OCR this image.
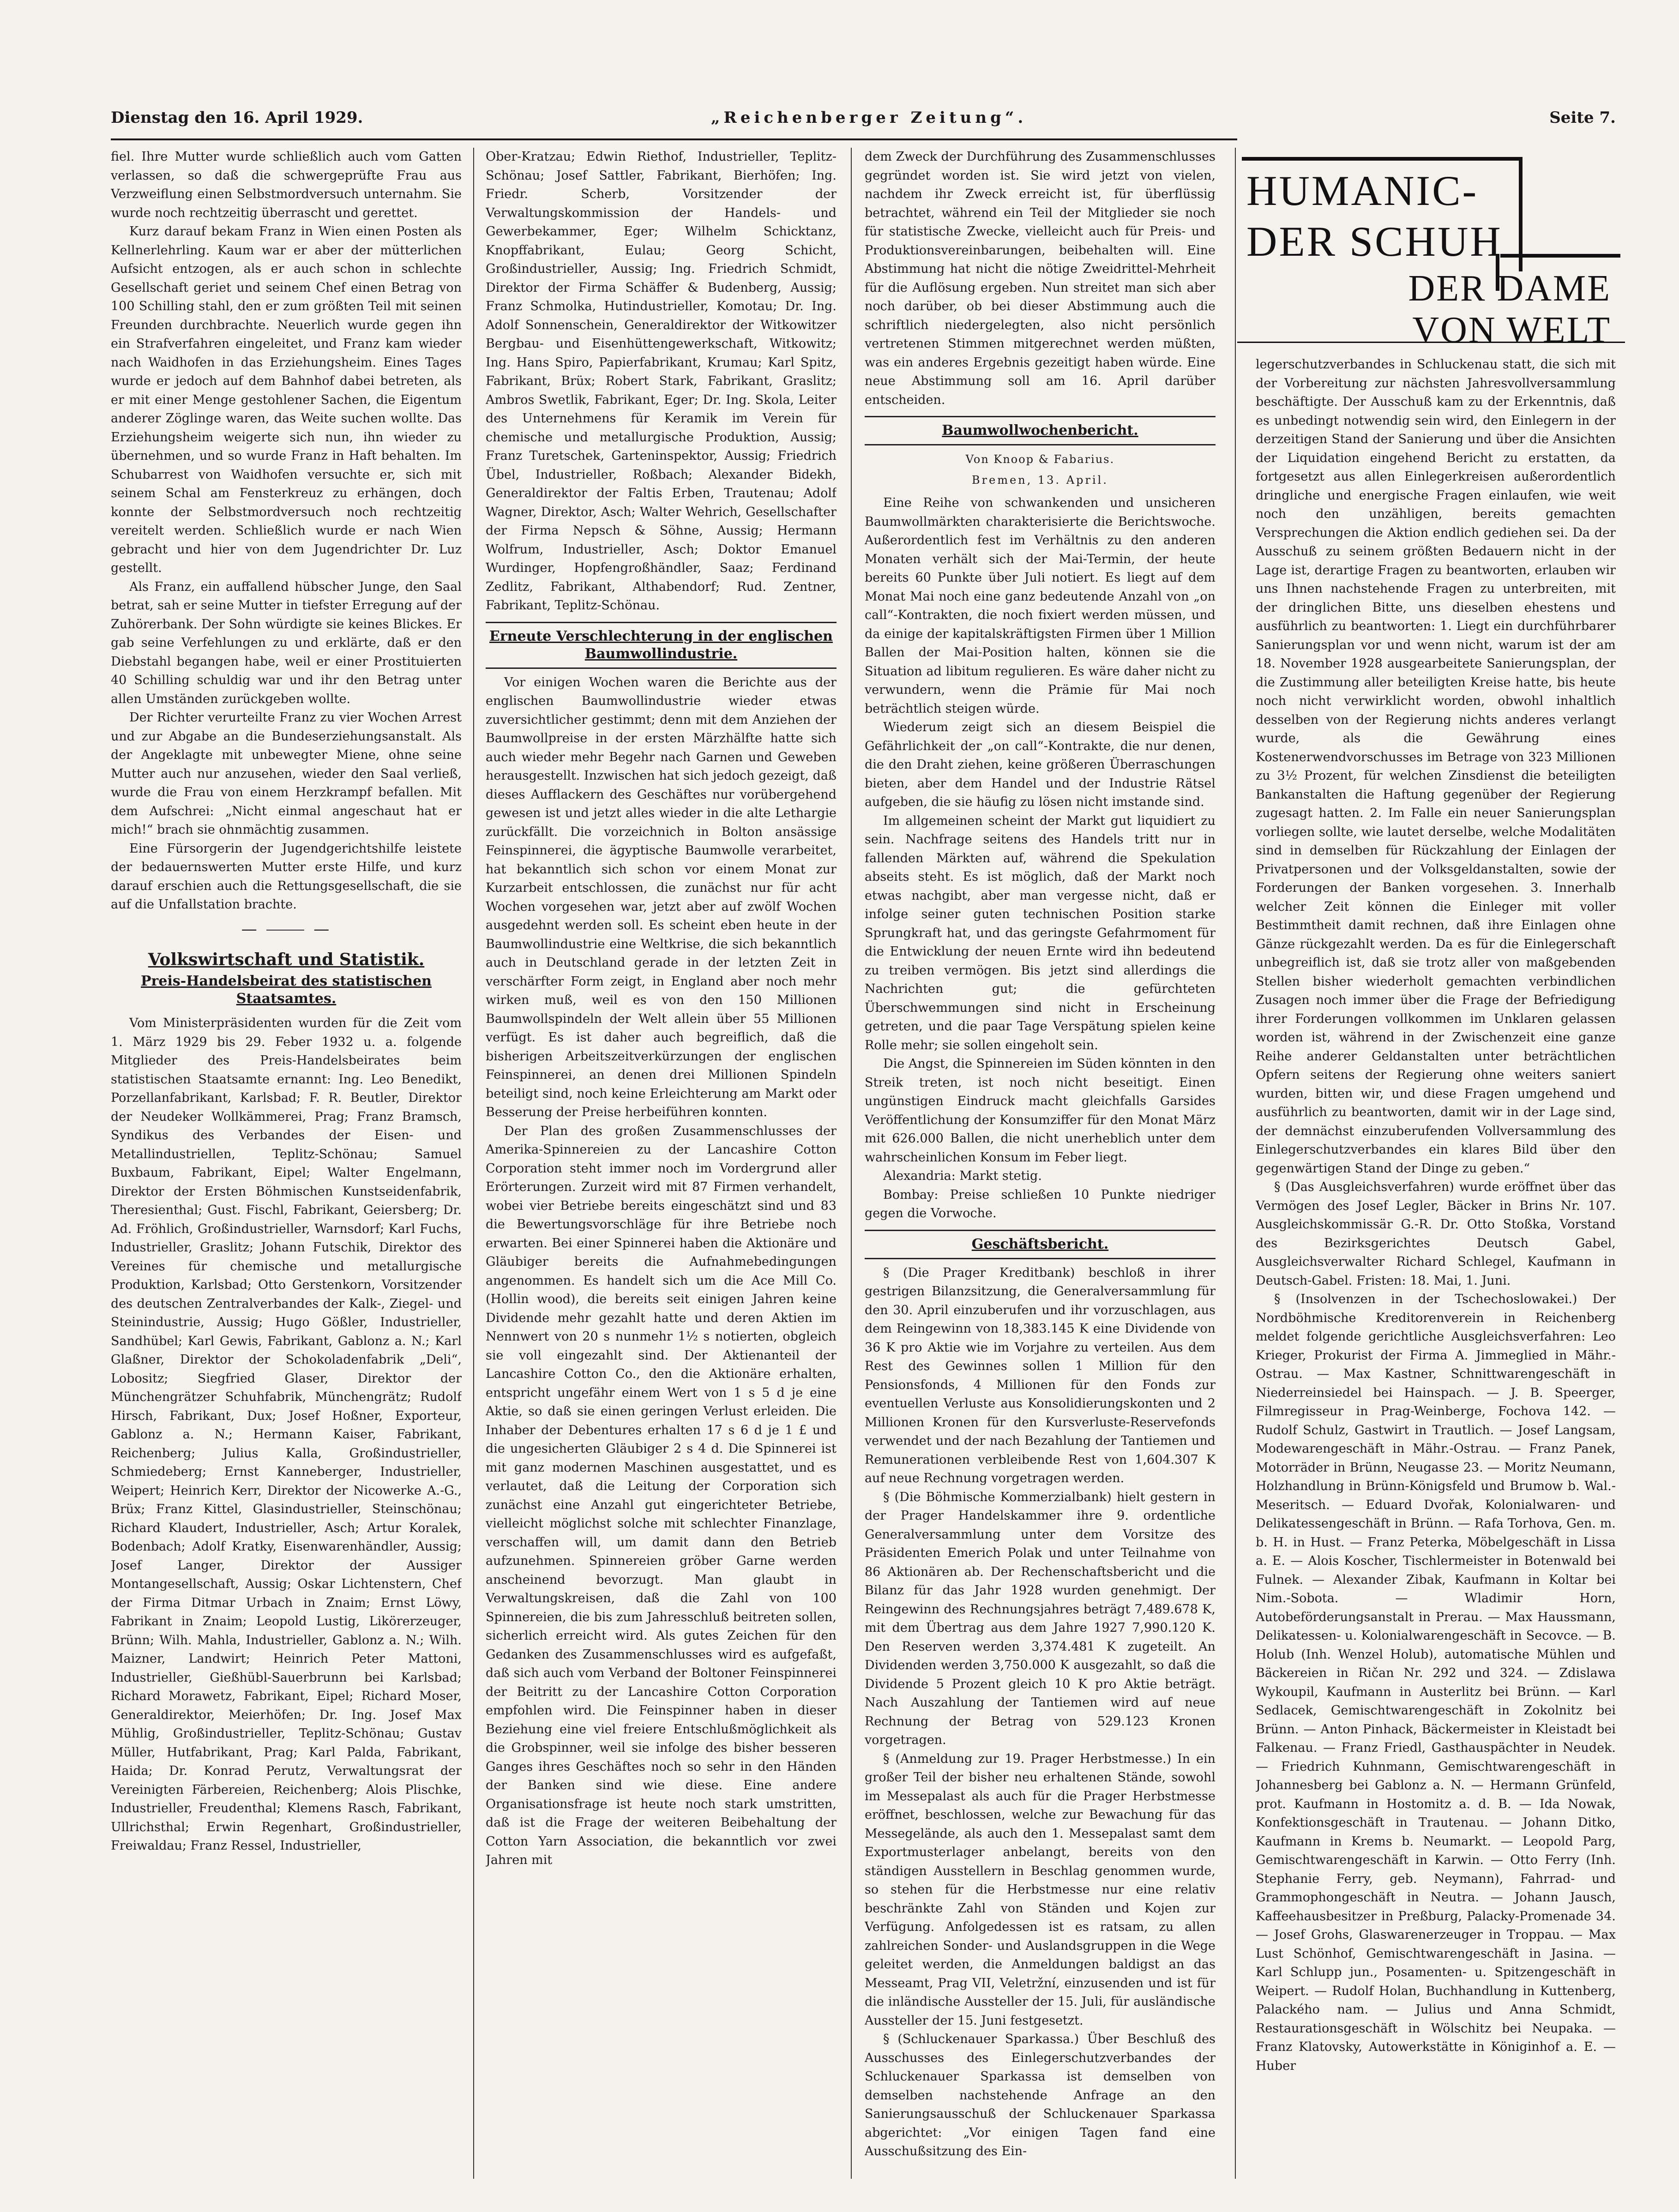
Dienstag den 16. April 1929.	„Reichenberger Zeitung“.	Seite 7.

fiel. Ihre Mutter wurde schließlich auch vom Gatten verlassen, so daß die schwergeprüfte Frau aus Verzweiflung einen Selbstmordversuch unternahm. Sie wurde noch rechtzeitig überrascht und gerettet.

Kurz darauf bekam Franz in Wien einen Posten als Kellnerlehrling. Kaum war er aber der mütterlichen Aufsicht entzogen, als er auch schon in schlechte Gesellschaft geriet und seinem Chef einen Betrag von 100 Schilling stahl, den er zum größten Teil mit seinen Freunden durchbrachte. Neuerlich wurde gegen ihn ein Strafverfahren eingeleitet, und Franz kam wieder nach Waidhofen in das Erziehungsheim. Eines Tages wurde er jedoch auf dem Bahnhof dabei betreten, als er mit einer Menge gestohlener Sachen, die Eigentum anderer Zöglinge waren, das Weite suchen wollte. Das Erziehungsheim weigerte sich nun, ihn wieder zu übernehmen, und so wurde Franz in Haft behalten. Im Schubarrest von Waidhofen versuchte er, sich mit seinem Schal am Fensterkreuz zu erhängen, doch konnte der Selbstmordversuch noch rechtzeitig vereitelt werden. Schließlich wurde er nach Wien gebracht und hier von dem Jugendrichter Dr. Luz gestellt.

Als Franz, ein auffallend hübscher Junge, den Saal betrat, sah er seine Mutter in tiefster Erregung auf der Zuhörerbank. Der Sohn würdigte sie keines Blickes. Er gab seine Verfehlungen zu und erklärte, daß er den Diebstahl begangen habe, weil er einer Prostituierten 40 Schilling schuldig war und ihr den Betrag unter allen Umständen zurückgeben wollte.

Der Richter verurteilte Franz zu vier Wochen Arrest und zur Abgabe an die Bundeserziehungsanstalt. Als der Angeklagte mit unbewegter Miene, ohne seine Mutter auch nur anzusehen, wieder den Saal verließ, wurde die Frau von einem Herzkrampf befallen. Mit dem Aufschrei: „Nicht einmal angeschaut hat er mich!“ brach sie ohnmächtig zusammen.

Eine Fürsorgerin der Jugendgerichtshilfe leistete der bedauernswerten Mutter erste Hilfe, und kurz darauf erschien auch die Rettungsgesellschaft, die sie auf die Unfallstation brachte.

— ⸻ —
Volkswirtschaft und Statistik.
Preis-Handelsbeirat des statistischen Staatsamtes.

Vom Ministerpräsidenten wurden für die Zeit vom 1. März 1929 bis 29. Feber 1932 u. a. folgende Mitglieder des Preis-Handelsbeirates beim statistischen Staatsamte ernannt: Ing. Leo Benedikt, Porzellanfabrikant, Karlsbad; F. R. Beutler, Direktor der Neudeker Wollkämmerei, Prag; Franz Bramsch, Syndikus des Verbandes der Eisen- und Metallindustriellen, Teplitz-Schönau; Samuel Buxbaum, Fabrikant, Eipel; Walter Engelmann, Direktor der Ersten Böhmischen Kunstseidenfabrik, Theresienthal; Gust. Fischl, Fabrikant, Geiersberg; Dr. Ad. Fröhlich, Großindustrieller, Warnsdorf; Karl Fuchs, Industrieller, Graslitz; Johann Futschik, Direktor des Vereines für chemische und metallurgische Produktion, Karlsbad; Otto Gerstenkorn, Vorsitzender des deutschen Zentralverbandes der Kalk-, Ziegel- und Steinindustrie, Aussig; Hugo Gößler, Industrieller, Sandhübel; Karl Gewis, Fabrikant, Gablonz a. N.; Karl Glaßner, Direktor der Schokoladenfabrik „Deli“, Lobositz; Siegfried Glaser, Direktor der Münchengrätzer Schuhfabrik, Münchengrätz; Rudolf Hirsch, Fabrikant, Dux; Josef Hoßner, Exporteur, Gablonz a. N.; Hermann Kaiser, Fabrikant, Reichenberg; Julius Kalla, Großindustrieller, Schmiedeberg; Ernst Kanneberger, Industrieller, Weipert; Heinrich Kerr, Direktor der Nicowerke A.-G., Brüx; Franz Kittel, Glasindustrieller, Steinschönau; Richard Klaudert, Industrieller, Asch; Artur Koralek, Bodenbach; Adolf Kratky, Eisenwarenhändler, Aussig; Josef Langer, Direktor der Aussiger Montangesellschaft, Aussig; Oskar Lichtenstern, Chef der Firma Ditmar Urbach in Znaim; Ernst Löwy, Fabrikant in Znaim; Leopold Lustig, Likörerzeuger, Brünn; Wilh. Mahla, Industrieller, Gablonz a. N.; Wilh. Maizner, Landwirt; Heinrich Peter Mattoni, Industrieller, Gießhübl-Sauerbrunn bei Karlsbad; Richard Morawetz, Fabrikant, Eipel; Richard Moser, Generaldirektor, Meierhöfen; Dr. Ing. Josef Max Mühlig, Großindustrieller, Teplitz-Schönau; Gustav Müller, Hutfabrikant, Prag; Karl Palda, Fabrikant, Haida; Dr. Konrad Perutz, Verwaltungsrat der Vereinigten Färbereien, Reichenberg; Alois Plischke, Industrieller, Freudenthal; Klemens Rasch, Fabrikant, Ullrichsthal; Erwin Regenhart, Großindustrieller, Freiwaldau; Franz Ressel, Industrieller,

Ober-Kratzau; Edwin Riethof, Industrieller, Teplitz-Schönau; Josef Sattler, Fabrikant, Bierhöfen; Ing. Friedr. Scherb, Vorsitzender der Verwaltungskommission der Handels- und Gewerbekammer, Eger; Wilhelm Schicktanz, Knopffabrikant, Eulau; Georg Schicht, Großindustrieller, Aussig; Ing. Friedrich Schmidt, Direktor der Firma Schäffer & Budenberg, Aussig; Franz Schmolka, Hutindustrieller, Komotau; Dr. Ing. Adolf Sonnenschein, Generaldirektor der Witkowitzer Bergbau- und Eisenhüttengewerkschaft, Witkowitz; Ing. Hans Spiro, Papierfabrikant, Krumau; Karl Spitz, Fabrikant, Brüx; Robert Stark, Fabrikant, Graslitz; Ambros Swetlik, Fabrikant, Eger; Dr. Ing. Skola, Leiter des Unternehmens für Keramik im Verein für chemische und metallurgische Produktion, Aussig; Franz Turetschek, Garteninspektor, Aussig; Friedrich Übel, Industrieller, Roßbach; Alexander Bidekh, Generaldirektor der Faltis Erben, Trautenau; Adolf Wagner, Direktor, Asch; Walter Wehrich, Gesellschafter der Firma Nepsch & Söhne, Aussig; Hermann Wolfrum, Industrieller, Asch; Doktor Emanuel Wurdinger, Hopfengroßhändler, Saaz; Ferdinand Zedlitz, Fabrikant, Althabendorf; Rud. Zentner, Fabrikant, Teplitz-Schönau.

Erneute Verschlechterung in der englischen Baumwollindustrie.

Vor einigen Wochen waren die Berichte aus der englischen Baumwollindustrie wieder etwas zuversichtlicher gestimmt; denn mit dem Anziehen der Baumwollpreise in der ersten Märzhälfte hatte sich auch wieder mehr Begehr nach Garnen und Geweben herausgestellt. Inzwischen hat sich jedoch gezeigt, daß dieses Aufflackern des Geschäftes nur vorübergehend gewesen ist und jetzt alles wieder in die alte Lethargie zurückfällt. Die vorzeichnich in Bolton ansässige Feinspinnerei, die ägyptische Baumwolle verarbeitet, hat bekanntlich sich schon vor einem Monat zur Kurzarbeit entschlossen, die zunächst nur für acht Wochen vorgesehen war, jetzt aber auf zwölf Wochen ausgedehnt werden soll. Es scheint eben heute in der Baumwollindustrie eine Weltkrise, die sich bekanntlich auch in Deutschland gerade in der letzten Zeit in verschärfter Form zeigt, in England aber noch mehr wirken muß, weil es von den 150 Millionen Baumwollspindeln der Welt allein über 55 Millionen verfügt. Es ist daher auch begreiflich, daß die bisherigen Arbeitszeitverkürzungen der englischen Feinspinnerei, an denen drei Millionen Spindeln beteiligt sind, noch keine Erleichterung am Markt oder Besserung der Preise herbeiführen konnten.

Der Plan des großen Zusammenschlusses der Amerika-Spinnereien zu der Lancashire Cotton Corporation steht immer noch im Vordergrund aller Erörterungen. Zurzeit wird mit 87 Firmen verhandelt, wobei vier Betriebe bereits eingeschätzt sind und 83 die Bewertungsvorschläge für ihre Betriebe noch erwarten. Bei einer Spinnerei haben die Aktionäre und Gläubiger bereits die Aufnahmebedingungen angenommen. Es handelt sich um die Ace Mill Co. (Hollin wood), die bereits seit einigen Jahren keine Dividende mehr gezahlt hatte und deren Aktien im Nennwert von 20 s nunmehr 1½ s notierten, obgleich sie voll eingezahlt sind. Der Aktienanteil der Lancashire Cotton Co., den die Aktionäre erhalten, entspricht ungefähr einem Wert von 1 s 5 d je eine Aktie, so daß sie einen geringen Verlust erleiden. Die Inhaber der Debentures erhalten 17 s 6 d je 1 £ und die ungesicherten Gläubiger 2 s 4 d. Die Spinnerei ist mit ganz modernen Maschinen ausgestattet, und es verlautet, daß die Leitung der Corporation sich zunächst eine Anzahl gut eingerichteter Betriebe, vielleicht möglichst solche mit schlechter Finanzlage, verschaffen will, um damit dann den Betrieb aufzunehmen. Spinnereien gröber Garne werden anscheinend bevorzugt. Man glaubt in Verwaltungskreisen, daß die Zahl von 100 Spinnereien, die bis zum Jahresschluß beitreten sollen, sicherlich erreicht wird. Als gutes Zeichen für den Gedanken des Zusammenschlusses wird es aufgefaßt, daß sich auch vom Verband der Boltoner Feinspinnerei der Beitritt zu der Lancashire Cotton Corporation empfohlen wird. Die Feinspinner haben in dieser Beziehung eine viel freiere Entschlußmöglichkeit als die Grobspinner, weil sie infolge des bisher besseren Ganges ihres Geschäftes noch so sehr in den Händen der Banken sind wie diese. Eine andere Organisationsfrage ist heute noch stark umstritten, daß ist die Frage der weiteren Beibehaltung der Cotton Yarn Association, die bekanntlich vor zwei Jahren mit

dem Zweck der Durchführung des Zusammenschlusses gegründet worden ist. Sie wird jetzt von vielen, nachdem ihr Zweck erreicht ist, für überflüssig betrachtet, während ein Teil der Mitglieder sie noch für statistische Zwecke, vielleicht auch für Preis- und Produktionsvereinbarungen, beibehalten will. Eine Abstimmung hat nicht die nötige Zweidrittel-Mehrheit für die Auflösung ergeben. Nun streitet man sich aber noch darüber, ob bei dieser Abstimmung auch die schriftlich niedergelegten, also nicht persönlich vertretenen Stimmen mitgerechnet werden müßten, was ein anderes Ergebnis gezeitigt haben würde. Eine neue Abstimmung soll am 16. April darüber entscheiden.

Baumwollwochenbericht.
Von Knoop & Fabarius.
Bremen, 13. April.

Eine Reihe von schwankenden und unsicheren Baumwollmärkten charakterisierte die Berichtswoche. Außerordentlich fest im Verhältnis zu den anderen Monaten verhält sich der Mai-Termin, der heute bereits 60 Punkte über Juli notiert. Es liegt auf dem Monat Mai noch eine ganz bedeutende Anzahl von „on call“-Kontrakten, die noch fixiert werden müssen, und da einige der kapitalskräftigsten Firmen über 1 Million Ballen der Mai-Position halten, können sie die Situation ad libitum regulieren. Es wäre daher nicht zu verwundern, wenn die Prämie für Mai noch beträchtlich steigen würde.

Wiederum zeigt sich an diesem Beispiel die Gefährlichkeit der „on call“-Kontrakte, die nur denen, die den Draht ziehen, keine größeren Überraschungen bieten, aber dem Handel und der Industrie Rätsel aufgeben, die sie häufig zu lösen nicht imstande sind.

Im allgemeinen scheint der Markt gut liquidiert zu sein. Nachfrage seitens des Handels tritt nur in fallenden Märkten auf, während die Spekulation abseits steht. Es ist möglich, daß der Markt noch etwas nachgibt, aber man vergesse nicht, daß er infolge seiner guten technischen Position starke Sprungkraft hat, und das geringste Gefahrmoment für die Entwicklung der neuen Ernte wird ihn bedeutend zu treiben vermögen. Bis jetzt sind allerdings die Nachrichten gut; die gefürchteten Überschwemmungen sind nicht in Erscheinung getreten, und die paar Tage Verspätung spielen keine Rolle mehr; sie sollen eingeholt sein.

Die Angst, die Spinnereien im Süden könnten in den Streik treten, ist noch nicht beseitigt. Einen ungünstigen Eindruck macht gleichfalls Garsides Veröffentlichung der Konsumziffer für den Monat März mit 626.000 Ballen, die nicht unerheblich unter dem wahrscheinlichen Konsum im Feber liegt.

Alexandria: Markt stetig.

Bombay: Preise schließen 10 Punkte niedriger gegen die Vorwoche.

Geschäftsbericht.

§ (Die Prager Kreditbank) beschloß in ihrer gestrigen Bilanzsitzung, die Generalversammlung für den 30. April einzuberufen und ihr vorzuschlagen, aus dem Reingewinn von 18,383.145 K eine Dividende von 36 K pro Aktie wie im Vorjahre zu verteilen. Aus dem Rest des Gewinnes sollen 1 Million für den Pensionsfonds, 4 Millionen für den Fonds zur eventuellen Verluste aus Konsolidierungskonten und 2 Millionen Kronen für den Kursverluste-Reservefonds verwendet und der nach Bezahlung der Tantiemen und Remunerationen verbleibende Rest von 1,604.307 K auf neue Rechnung vorgetragen werden.

§ (Die Böhmische Kommerzialbank) hielt gestern in der Prager Handelskammer ihre 9. ordentliche Generalversammlung unter dem Vorsitze des Präsidenten Emerich Polak und unter Teilnahme von 86 Aktionären ab. Der Rechenschaftsbericht und die Bilanz für das Jahr 1928 wurden genehmigt. Der Reingewinn des Rechnungsjahres beträgt 7,489.678 K, mit dem Übertrag aus dem Jahre 1927 7,990.120 K. Den Reserven werden 3,374.481 K zugeteilt. An Dividenden werden 3,750.000 K ausgezahlt, so daß die Dividende 5 Prozent gleich 10 K pro Aktie beträgt. Nach Auszahlung der Tantiemen wird auf neue Rechnung der Betrag von 529.123 Kronen vorgetragen.

§ (Anmeldung zur 19. Prager Herbstmesse.) In ein großer Teil der bisher neu erhaltenen Stände, sowohl im Messepalast als auch für die Prager Herbstmesse eröffnet, beschlossen, welche zur Bewachung für das Messegelände, als auch den 1. Messepalast samt dem Exportmusterlager anbelangt, bereits von den ständigen Ausstellern in Beschlag genommen wurde, so stehen für die Herbstmesse nur eine relativ beschränkte Zahl von Ständen und Kojen zur Verfügung. Anfolgedessen ist es ratsam, zu allen zahlreichen Sonder- und Auslandsgruppen in die Wege geleitet werden, die Anmeldungen baldigst an das Messeamt, Prag VII, Veletržní, einzusenden und ist für die inländische Aussteller der 15. Juli, für ausländische Aussteller der 15. Juni festgesetzt.

§ (Schluckenauer Sparkassa.) Über Beschluß des Ausschusses des Einlegerschutzverbandes der Schluckenauer Sparkassa ist demselben von demselben nachstehende Anfrage an den Sanierungsausschuß der Schluckenauer Sparkassa abgerichtet: „Vor einigen Tagen fand eine Ausschußsitzung des Ein-

HUMANIC-
DER SCHUH
DER DAME
VON WELT

legerschutzverbandes in Schluckenau statt, die sich mit der Vorbereitung zur nächsten Jahresvollversammlung beschäftigte. Der Ausschuß kam zu der Erkenntnis, daß es unbedingt notwendig sein wird, den Einlegern in der derzeitigen Stand der Sanierung und über die Ansichten der Liquidation eingehend Bericht zu erstatten, da fortgesetzt aus allen Einlegerkreisen außerordentlich dringliche und energische Fragen einlaufen, wie weit noch den unzähligen, bereits gemachten Versprechungen die Aktion endlich gediehen sei. Da der Ausschuß zu seinem größten Bedauern nicht in der Lage ist, derartige Fragen zu beantworten, erlauben wir uns Ihnen nachstehende Fragen zu unterbreiten, mit der dringlichen Bitte, uns dieselben ehestens und ausführlich zu beantworten: 1. Liegt ein durchführbarer Sanierungsplan vor und wenn nicht, warum ist der am 18. November 1928 ausgearbeitete Sanierungsplan, der die Zustimmung aller beteiligten Kreise hatte, bis heute noch nicht verwirklicht worden, obwohl inhaltlich desselben von der Regierung nichts anderes verlangt wurde, als die Gewährung eines Kostenerwendvorschusses im Betrage von 323 Millionen zu 3½ Prozent, für welchen Zinsdienst die beteiligten Bankanstalten die Haftung gegenüber der Regierung zugesagt hatten. 2. Im Falle ein neuer Sanierungsplan vorliegen sollte, wie lautet derselbe, welche Modalitäten sind in demselben für Rückzahlung der Einlagen der Privatpersonen und der Volksgeldanstalten, sowie der Forderungen der Banken vorgesehen. 3. Innerhalb welcher Zeit können die Einleger mit voller Bestimmtheit damit rechnen, daß ihre Einlagen ohne Gänze rückgezahlt werden. Da es für die Einlegerschaft unbegreiflich ist, daß sie trotz aller von maßgebenden Stellen bisher wiederholt gemachten verbindlichen Zusagen noch immer über die Frage der Befriedigung ihrer Forderungen vollkommen im Unklaren gelassen worden ist, während in der Zwischenzeit eine ganze Reihe anderer Geldanstalten unter beträchtlichen Opfern seitens der Regierung ohne weiters saniert wurden, bitten wir, und diese Fragen umgehend und ausführlich zu beantworten, damit wir in der Lage sind, der demnächst einzuberufenden Vollversammlung des Einlegerschutzverbandes ein klares Bild über den gegenwärtigen Stand der Dinge zu geben.“

§ (Das Ausgleichsverfahren) wurde eröffnet über das Vermögen des Josef Legler, Bäcker in Brins Nr. 107. Ausgleichskommissär G.-R. Dr. Otto Stoßka, Vorstand des Bezirksgerichtes Deutsch Gabel, Ausgleichsverwalter Richard Schlegel, Kaufmann in Deutsch-Gabel. Fristen: 18. Mai, 1. Juni.

§ (Insolvenzen in der Tschechoslowakei.) Der Nordböhmische Kreditorenverein in Reichenberg meldet folgende gerichtliche Ausgleichsverfahren: Leo Krieger, Prokurist der Firma A. Jimmeglied in Mähr.-Ostrau. — Max Kastner, Schnittwarengeschäft in Niederreinsiedel bei Hainspach. — J. B. Speerger, Filmregisseur in Prag-Weinberge, Fochova 142. — Rudolf Schulz, Gastwirt in Trautlich. — Josef Langsam, Modewarengeschäft in Mähr.-Ostrau. — Franz Panek, Motorräder in Brünn, Neugasse 23. — Moritz Neumann, Holzhandlung in Brünn-Königsfeld und Brumow b. Wal.-Meseritsch. — Eduard Dvořak, Kolonialwaren- und Delikatessengeschäft in Brünn. — Rafa Torhova, Gen. m. b. H. in Hust. — Franz Peterka, Möbelgeschäft in Lissa a. E. — Alois Koscher, Tischlermeister in Botenwald bei Fulnek. — Alexander Zibak, Kaufmann in Koltar bei Nim.-Sobota. — Wladimir Horn, Autobeförderungsanstalt in Prerau. — Max Haussmann, Delikatessen- u. Kolonialwarengeschäft in Secovce. — B. Holub (Inh. Wenzel Holub), automatische Mühlen und Bäckereien in Ričan Nr. 292 und 324. — Zdislawa Wykoupil, Kaufmann in Austerlitz bei Brünn. — Karl Sedlacek, Gemischtwarengeschäft in Zokolnitz bei Brünn. — Anton Pinhack, Bäckermeister in Kleistadt bei Falkenau. — Franz Friedl, Gasthauspächter in Neudek. — Friedrich Kuhnmann, Gemischtwarengeschäft in Johannesberg bei Gablonz a. N. — Hermann Grünfeld, prot. Kaufmann in Hostomitz a. d. B. — Ida Nowak, Konfektionsgeschäft in Trautenau. — Johann Ditko, Kaufmann in Krems b. Neumarkt. — Leopold Parg, Gemischtwarengeschäft in Karwin. — Otto Ferry (Inh. Stephanie Ferry, geb. Neymann), Fahrrad- und Grammophongeschäft in Neutra. — Johann Jausch, Kaffeehausbesitzer in Preßburg, Palacky-Promenade 34. — Josef Grohs, Glaswarenerzeuger in Troppau. — Max Lust Schönhof, Gemischtwarengeschäft in Jasina. — Karl Schlupp jun., Posamenten- u. Spitzengeschäft in Weipert. — Rudolf Holan, Buchhandlung in Kuttenberg, Palackého nam. — Julius und Anna Schmidt, Restaurationsgeschäft in Wölschitz bei Neupaka. — Franz Klatovsky, Autowerkstätte in Königinhof a. E. — Huber
